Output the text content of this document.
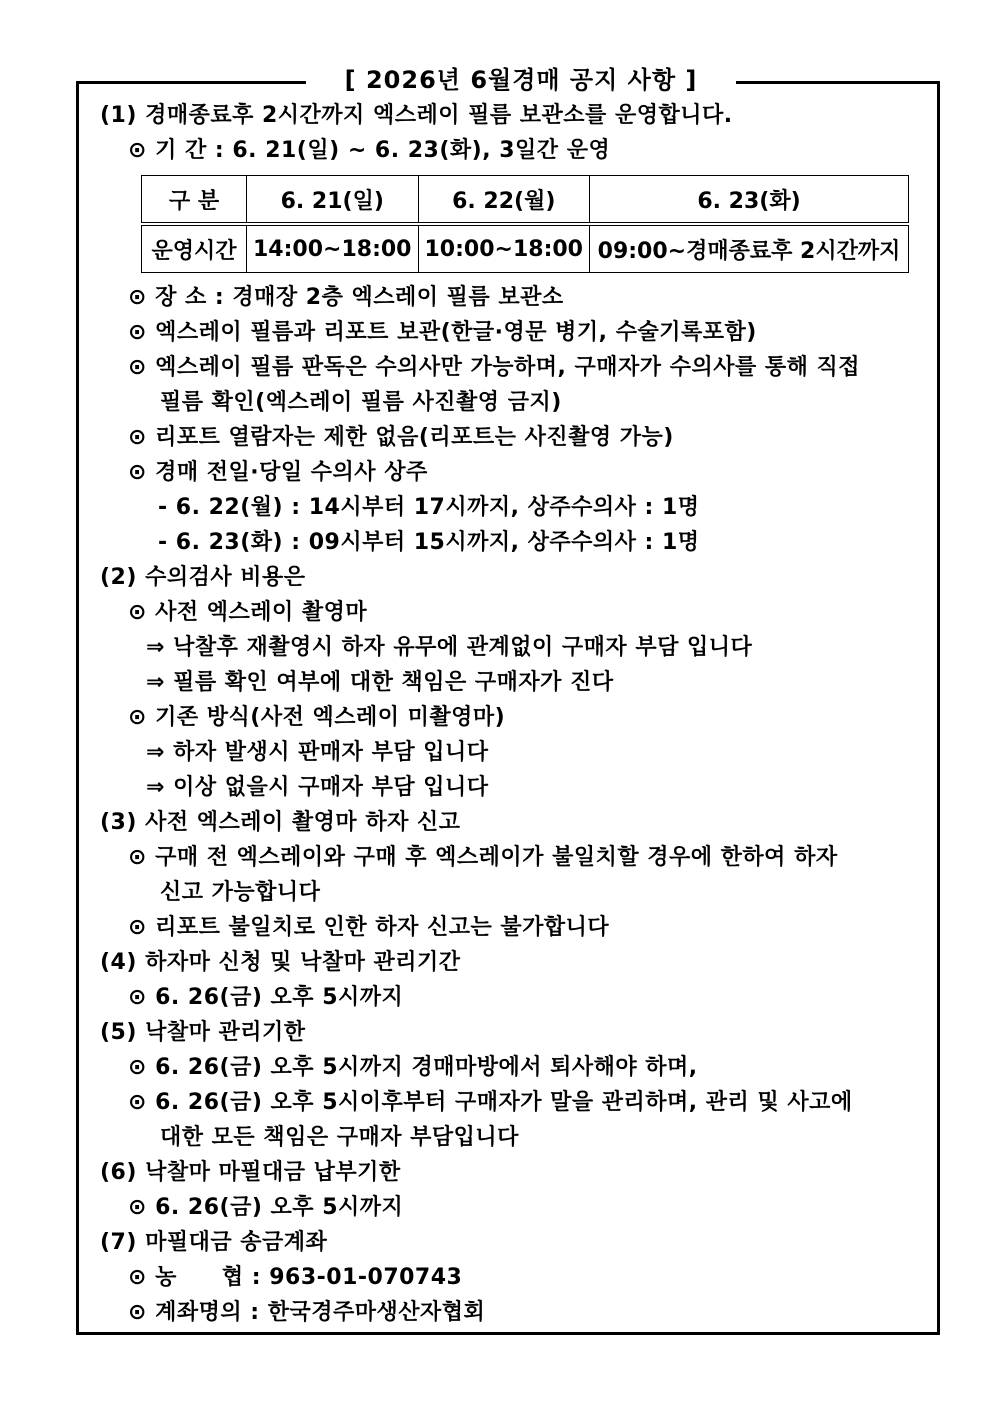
[ 2026년 6월경매 공지 사항 ]
(1) 경매종료후 2시간까지 엑스레이 필름 보관소를 운영합니다.
⊙ 기 간 : 6. 21(일) ~ 6. 23(화), 3일간 운영
구 분	6. 21(일)	6. 22(월)	6. 23(화)
운영시간	14:00~18:00	10:00~18:00	09:00~경매종료후 2시간까지
⊙ 장 소 : 경매장 2층 엑스레이 필름 보관소
⊙ 엑스레이 필름과 리포트 보관(한글·영문 병기, 수술기록포함)
⊙ 엑스레이 필름 판독은 수의사만 가능하며, 구매자가 수의사를 통해 직접
필름 확인(엑스레이 필름 사진촬영 금지)
⊙ 리포트 열람자는 제한 없음(리포트는 사진촬영 가능)
⊙ 경매 전일·당일 수의사 상주
- 6. 22(월) : 14시부터 17시까지, 상주수의사 : 1명
- 6. 23(화) : 09시부터 15시까지, 상주수의사 : 1명
(2) 수의검사 비용은
⊙ 사전 엑스레이 촬영마
⇒ 낙찰후 재촬영시 하자 유무에 관계없이 구매자 부담 입니다
⇒ 필름 확인 여부에 대한 책임은 구매자가 진다
⊙ 기존 방식(사전 엑스레이 미촬영마)
⇒ 하자 발생시 판매자 부담 입니다
⇒ 이상 없을시 구매자 부담 입니다
(3) 사전 엑스레이 촬영마 하자 신고
⊙ 구매 전 엑스레이와 구매 후 엑스레이가 불일치할 경우에 한하여 하자
신고 가능합니다
⊙ 리포트 불일치로 인한 하자 신고는 불가합니다
(4) 하자마 신청 및 낙찰마 관리기간
⊙ 6. 26(금) 오후 5시까지
(5) 낙찰마 관리기한
⊙ 6. 26(금) 오후 5시까지 경매마방에서 퇴사해야 하며,
⊙ 6. 26(금) 오후 5시이후부터 구매자가 말을 관리하며, 관리 및 사고에
대한 모든 책임은 구매자 부담입니다
(6) 낙찰마 마필대금 납부기한
⊙ 6. 26(금) 오후 5시까지
(7) 마필대금 송금계좌
⊙ 농　　협 : 963-01-070743
⊙ 계좌명의 : 한국경주마생산자협회
